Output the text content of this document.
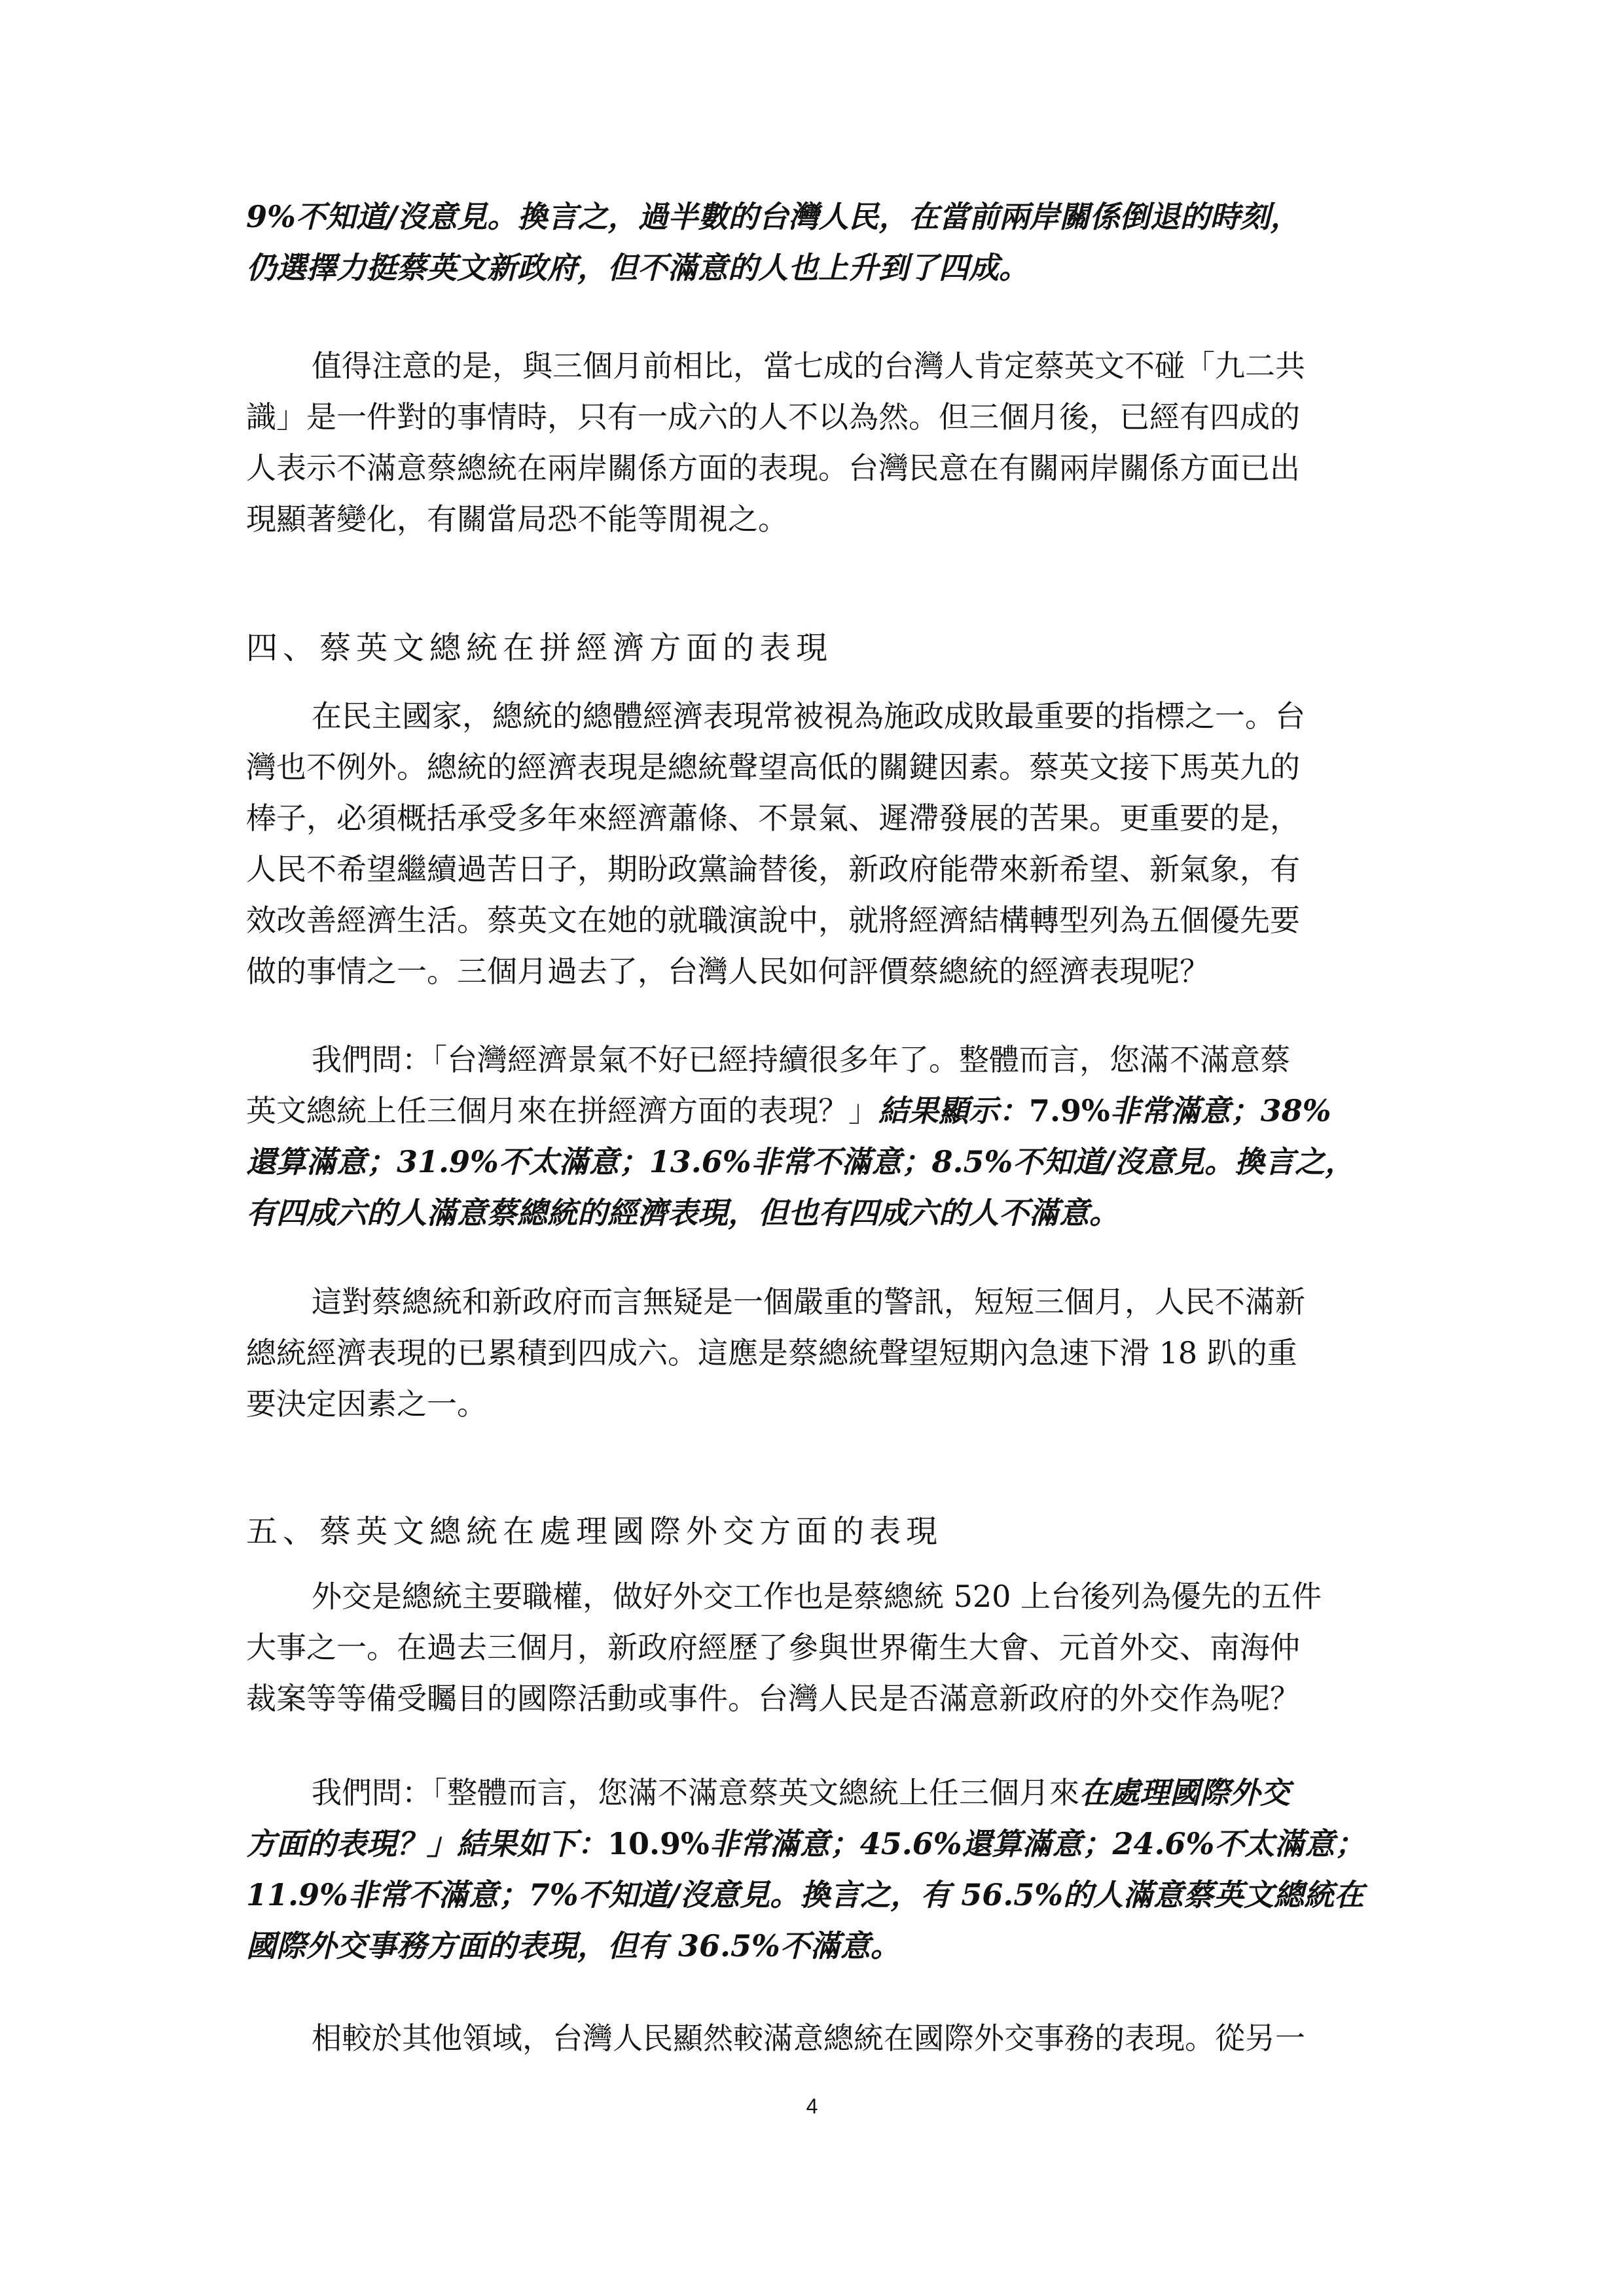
9%不知道/沒意見。換言之，過半數的台灣人民，在當前兩岸關係倒退的時刻，
仍選擇力挺蔡英文新政府，但不滿意的人也上升到了四成。
值得注意的是，與三個月前相比，當七成的台灣人肯定蔡英文不碰「九二共
識」是一件對的事情時，只有一成六的人不以為然。但三個月後，已經有四成的
人表示不滿意蔡總統在兩岸關係方面的表現。台灣民意在有關兩岸關係方面已出
現顯著變化，有關當局恐不能等閒視之。
四、蔡英文總統在拼經濟方面的表現
在民主國家，總統的總體經濟表現常被視為施政成敗最重要的指標之一。台
灣也不例外。總統的經濟表現是總統聲望高低的關鍵因素。蔡英文接下馬英九的
棒子，必須概括承受多年來經濟蕭條、不景氣、遲滯發展的苦果。更重要的是，
人民不希望繼續過苦日子，期盼政黨論替後，新政府能帶來新希望、新氣象，有
效改善經濟生活。蔡英文在她的就職演說中，就將經濟結構轉型列為五個優先要
做的事情之一。三個月過去了，台灣人民如何評價蔡總統的經濟表現呢？
我們問：「台灣經濟景氣不好已經持續很多年了。整體而言，您滿不滿意蔡
英文總統上任三個月來在拼經濟方面的表現？」結果顯示：7.9%非常滿意；38%
還算滿意；31.9%不太滿意；13.6%非常不滿意；8.5%不知道/沒意見。換言之，
有四成六的人滿意蔡總統的經濟表現，但也有四成六的人不滿意。
這對蔡總統和新政府而言無疑是一個嚴重的警訊，短短三個月，人民不滿新
總統經濟表現的已累積到四成六。這應是蔡總統聲望短期內急速下滑 18 趴的重
要決定因素之一。
五、蔡英文總統在處理國際外交方面的表現
外交是總統主要職權，做好外交工作也是蔡總統 520 上台後列為優先的五件
大事之一。在過去三個月，新政府經歷了參與世界衛生大會、元首外交、南海仲
裁案等等備受矚目的國際活動或事件。台灣人民是否滿意新政府的外交作為呢？
我們問：「整體而言，您滿不滿意蔡英文總統上任三個月來在處理國際外交
方面的表現？」結果如下：10.9%非常滿意；45.6%還算滿意；24.6%不太滿意；
11.9%非常不滿意；7%不知道/沒意見。換言之，有 56.5%的人滿意蔡英文總統在
國際外交事務方面的表現，但有 36.5%不滿意。
相較於其他領域，台灣人民顯然較滿意總統在國際外交事務的表現。從另一
4
